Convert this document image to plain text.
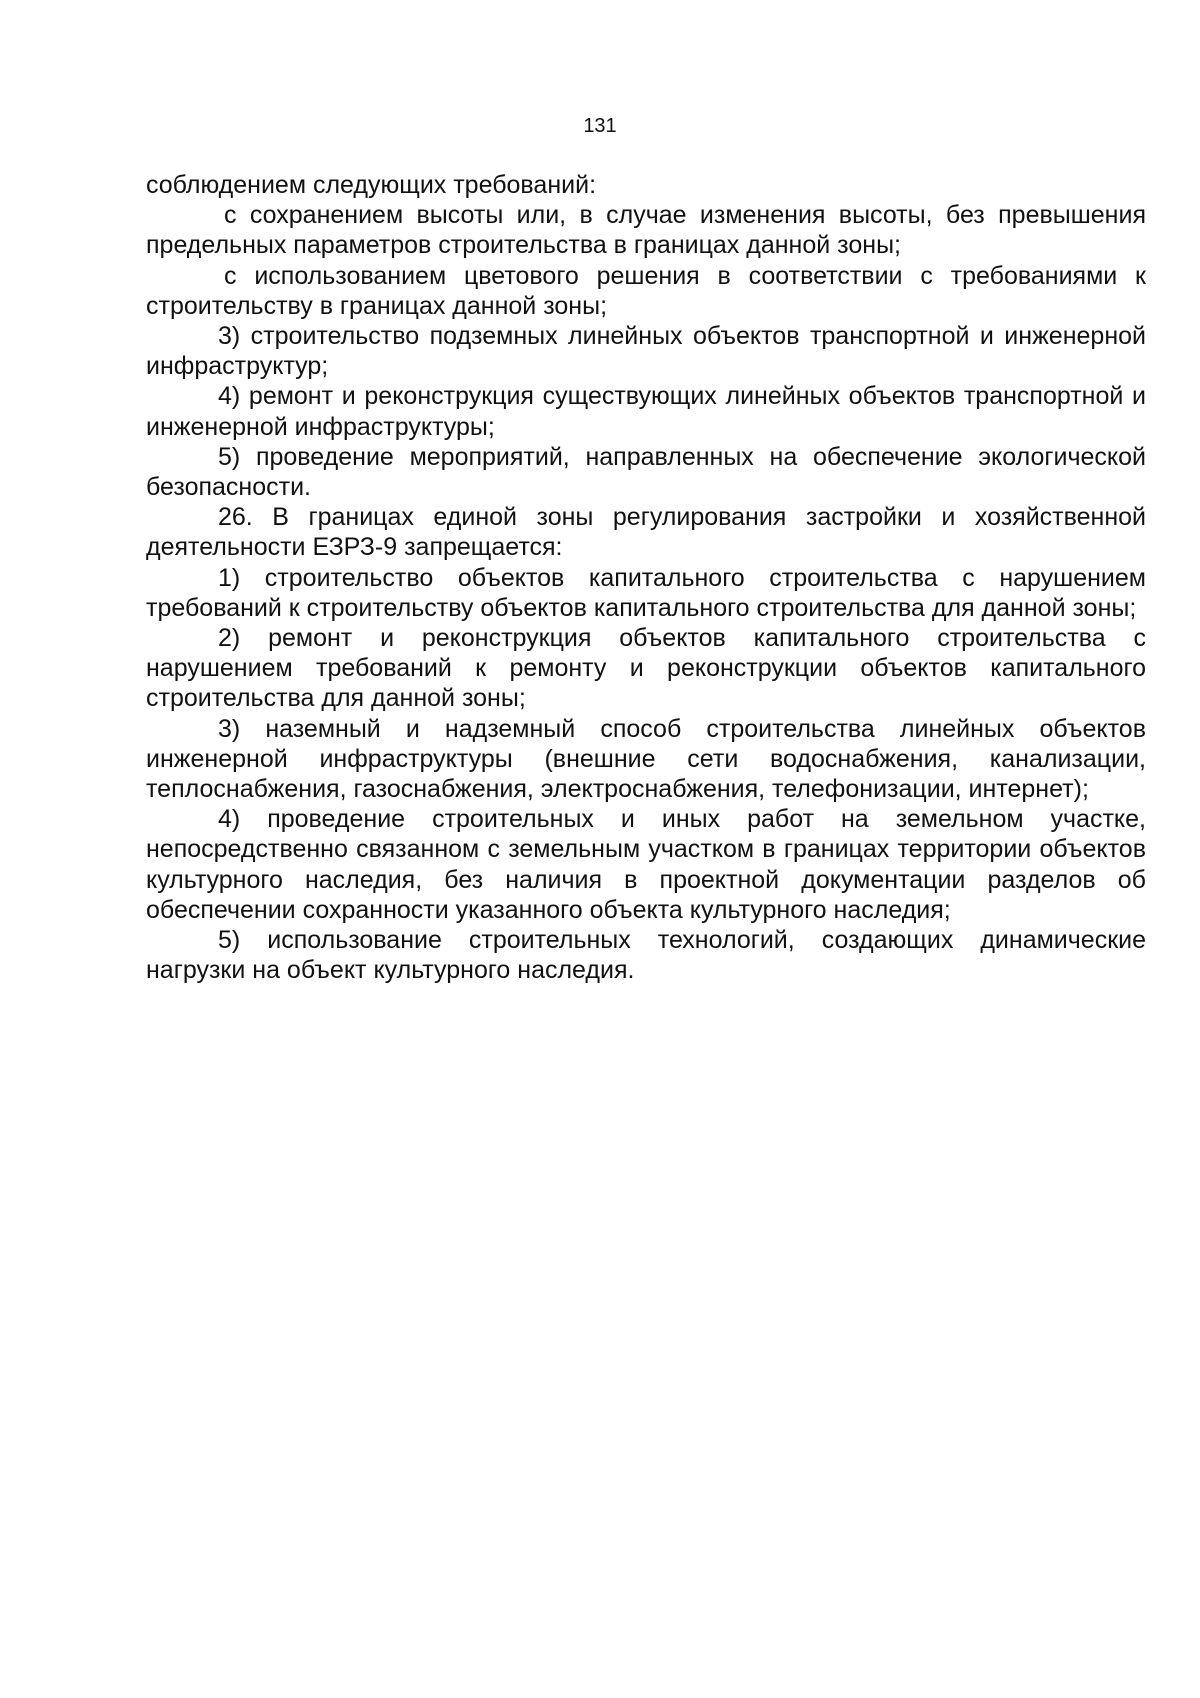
131

соблюдением следующих требований:

с сохранением высоты или, в случае изменения высоты, без превышения предельных параметров строительства в границах данной зоны;

с использованием цветового решения в соответствии с требованиями к строительству в границах данной зоны;

3) строительство подземных линейных объектов транспортной и инженерной инфраструктур;

4) ремонт и реконструкция существующих линейных объектов транспортной и инженерной инфраструктуры;

5) проведение мероприятий, направленных на обеспечение экологической безопасности.

26. В границах единой зоны регулирования застройки и хозяйственной деятельности ЕЗРЗ-9 запрещается:

1) строительство объектов капитального строительства с нарушением требований к строительству объектов капитального строительства для данной зоны;

2) ремонт и реконструкция объектов капитального строительства с нарушением требований к ремонту и реконструкции объектов капитального строительства для данной зоны;

3) наземный и надземный способ строительства линейных объектов инженерной инфраструктуры (внешние сети водоснабжения, канализации, теплоснабжения, газоснабжения, электроснабжения, телефонизации, интернет);

4) проведение строительных и иных работ на земельном участке, непосредственно связанном с земельным участком в границах территории объектов культурного наследия, без наличия в проектной документации разделов об обеспечении сохранности указанного объекта культурного наследия;

5) использование строительных технологий, создающих динамические нагрузки на объект культурного наследия.
